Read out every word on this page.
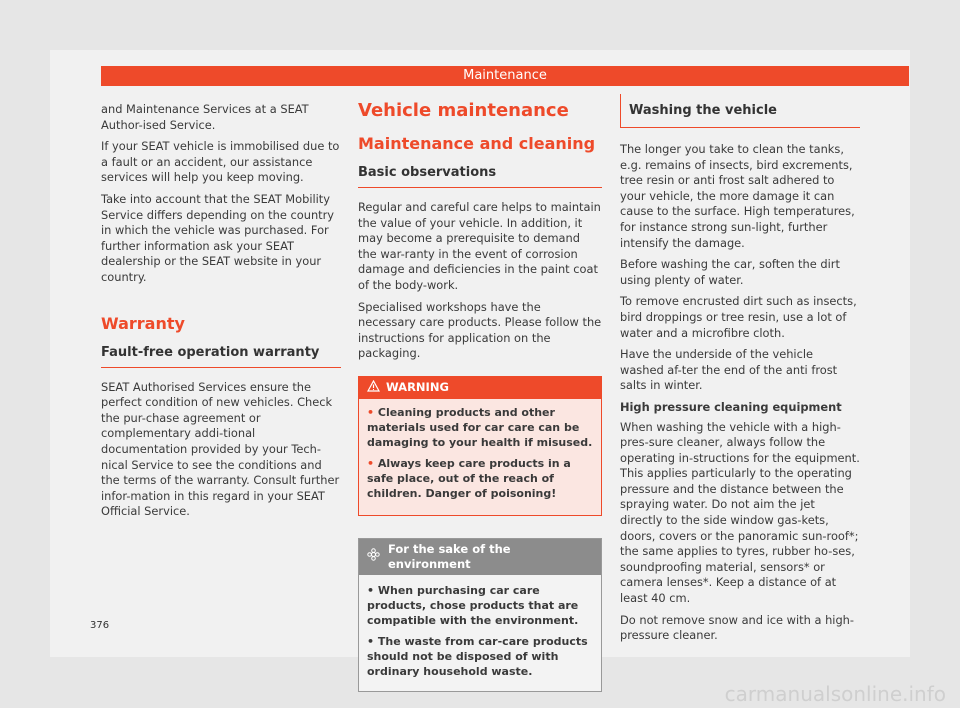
Maintenance

and Maintenance Services at a SEAT Author-ised Service.

If your SEAT vehicle is immobilised due to a fault or an accident, our assistance services will help you keep moving.

Take into account that the SEAT Mobility Service differs depending on the country in which the vehicle was purchased. For further information ask your SEAT dealership or the SEAT website in your country.

Warranty
Fault-free operation warranty

SEAT Authorised Services ensure the perfect condition of new vehicles. Check the pur-chase agreement or complementary addi-tional documentation provided by your Tech-nical Service to see the conditions and the terms of the warranty. Consult further infor-mation in this regard in your SEAT Official Service.

Vehicle maintenance
Maintenance and cleaning
Basic observations

Regular and careful care helps to maintain the value of your vehicle. In addition, it may become a prerequisite to demand the war-ranty in the event of corrosion damage and deficiencies in the paint coat of the body-work.

Specialised workshops have the necessary care products. Please follow the instructions for application on the packaging.

WARNING
• Cleaning products and other materials used for car care can be damaging to your health if misused.
• Always keep care products in a safe place, out of the reach of children. Danger of poisoning!
For the sake of the environment
• When purchasing car care products, chose products that are compatible with the environment.
• The waste from car-care products should not be disposed of with ordinary household waste.
Washing the vehicle

The longer you take to clean the tanks, e.g. remains of insects, bird excrements, tree resin or anti frost salt adhered to your vehicle, the more damage it can cause to the surface. High temperatures, for instance strong sun-light, further intensify the damage.

Before washing the car, soften the dirt using plenty of water.

To remove encrusted dirt such as insects, bird droppings or tree resin, use a lot of water and a microfibre cloth.

Have the underside of the vehicle washed af-ter the end of the anti frost salts in winter.

High pressure cleaning equipment

When washing the vehicle with a high-pres-sure cleaner, always follow the operating in-structions for the equipment. This applies particularly to the operating pressure and the distance between the spraying water. Do not aim the jet directly to the side window gas-kets, doors, covers or the panoramic sun-roof*; the same applies to tyres, rubber ho-ses, soundproofing material, sensors* or camera lenses*. Keep a distance of at least 40 cm.

Do not remove snow and ice with a high-pressure cleaner.

376
carmanualsonline.info
